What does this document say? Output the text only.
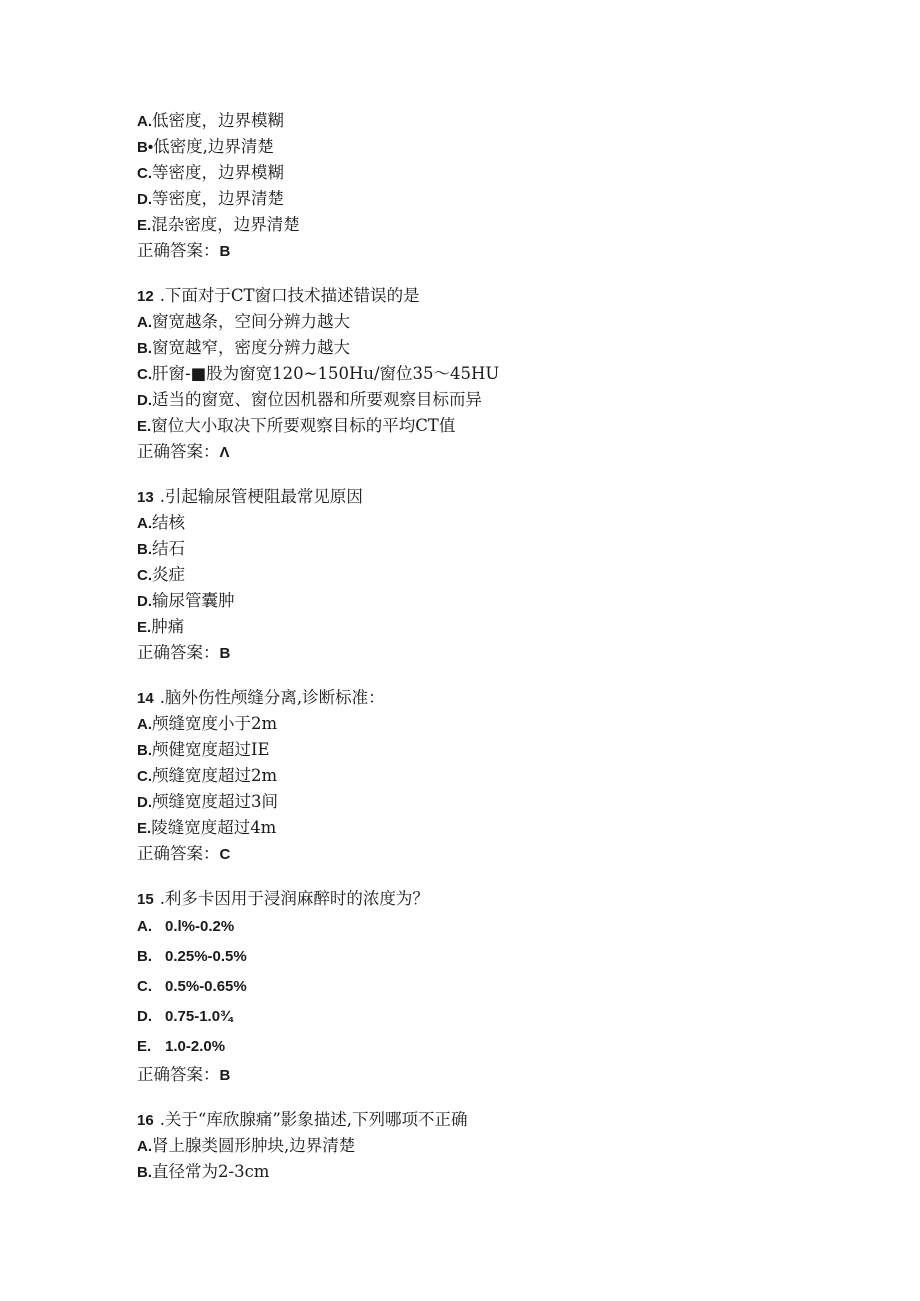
A.低密度，边界模糊
B•低密度,边界清楚
C.等密度，边界模糊
D.等密度，边界清楚
E.混杂密度，边界清楚
正确答案：B
12 .下面对于CT窗口技术描述错误的是
A.窗宽越条，空间分辨力越大
B.窗宽越窄，密度分辨力越大
C.肝窗-■股为窗宽120~150Hu/窗位35〜45HU
D.适当的窗宽、窗位因机器和所要观察目标而异
E.窗位大小取决下所要观察目标的平均CT值
正确答案：Λ
13 .引起输尿管梗阻最常见原因
A.结核
B.结石
C.炎症
D.输尿管囊肿
E.肿痛
正确答案：B
14 .脑外伤性颅缝分离,诊断标准：
A.颅缝宽度小于2m
B.颅健宽度超过IE
C.颅缝宽度超过2m
D.颅缝宽度超过3间
E.陵缝宽度超过4m
正确答案：C
15 .利多卡因用于浸润麻醉时的浓度为？
A. 0.l%-0.2%
B. 0.25%-0.5%
C. 0.5%-0.65%
D. 0.75-1.0¾
E. 1.0-2.0%
正确答案：B
16 .关于“库欣腺痛”影象描述,下列哪项不正确
A.肾上腺类圆形肿块,边界清楚
B.直径常为2-3cm
